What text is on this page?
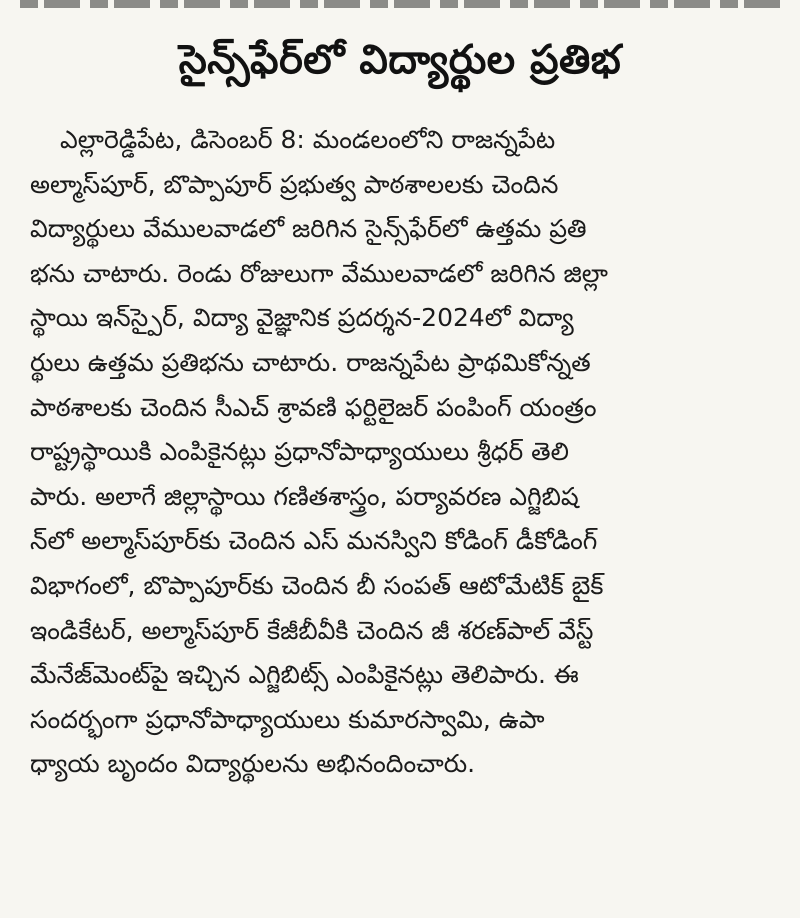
సైన్స్‌ఫేర్‌లో విద్యార్థుల ప్రతిభ
ఎల్లారెడ్డిపేట, డిసెంబర్ 8: మండలంలోని రాజన్నపేట
అల్మాస్‌పూర్, బొప్పాపూర్ ప్రభుత్వ పాఠశాలలకు చెందిన
విద్యార్థులు వేములవాడలో జరిగిన సైన్స్‌ఫేర్‌లో ఉత్తమ ప్రతి
భను చాటారు. రెండు రోజులుగా వేములవాడలో జరిగిన జిల్లా
స్థాయి ఇన్‌స్పైర్, విద్యా వైజ్ఞానిక ప్రదర్శన-2024లో విద్యా
ర్థులు ఉత్తమ ప్రతిభను చాటారు. రాజన్నపేట ప్రాథమికోన్నత
పాఠశాలకు చెందిన సీఎచ్ శ్రావణి ఫర్టిలైజర్ పంపింగ్ యంత్రం
రాష్ట్రస్థాయికి ఎంపికైనట్లు ప్రధానోపాధ్యాయులు శ్రీధర్ తెలి
పారు. అలాగే జిల్లాస్థాయి గణితశాస్త్రం, పర్యావరణ ఎగ్జిబిష
న్‌లో అల్మాస్‌పూర్‌కు చెందిన ఎస్ మనస్విని కోడింగ్ డీకోడింగ్
విభాగంలో, బొప్పాపూర్‌కు చెందిన బీ సంపత్ ఆటోమేటిక్ బైక్
ఇండికేటర్, అల్మాస్‌పూర్ కేజీబీవీకి చెందిన జీ శరణ్‌పాల్ వేస్ట్
మేనేజ్‌మెంట్‌పై ఇచ్చిన ఎగ్జిబిట్స్ ఎంపికైనట్లు తెలిపారు. ఈ
సందర్భంగా ప్రధానోపాధ్యాయులు కుమారస్వామి, ఉపా
ధ్యాయ బృందం విద్యార్థులను అభినందించారు.
